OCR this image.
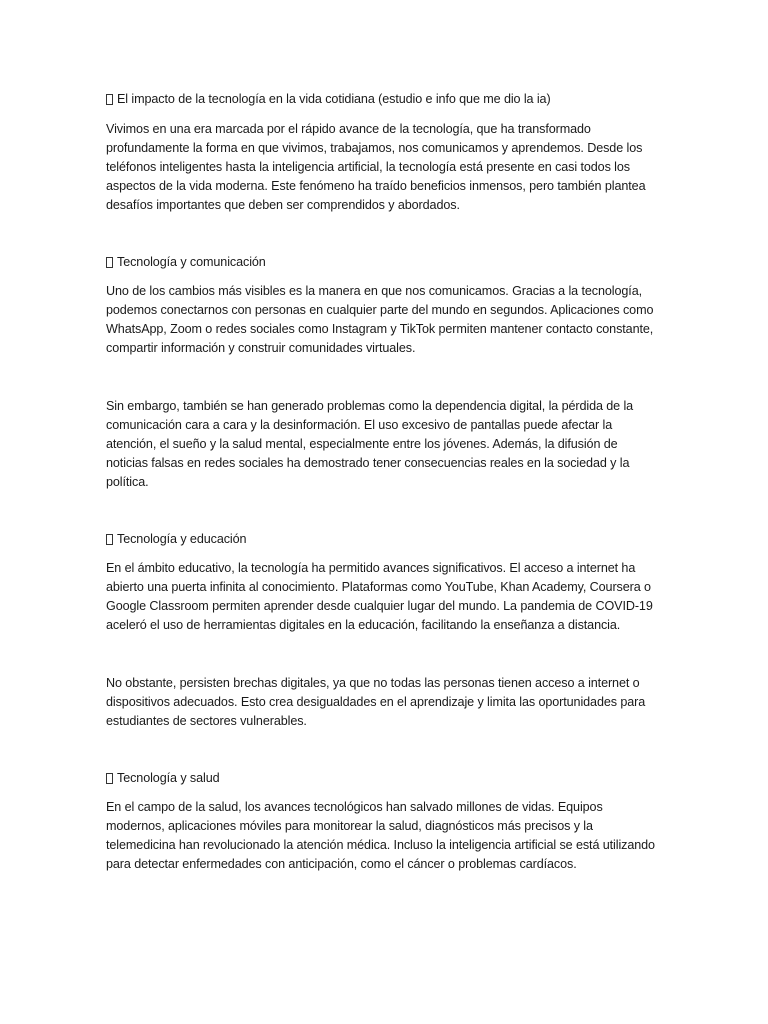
El impacto de la tecnología en la vida cotidiana (estudio e info que me dio la ia)
Vivimos en una era marcada por el rápido avance de la tecnología, que ha transformado profundamente la forma en que vivimos, trabajamos, nos comunicamos y aprendemos. Desde los teléfonos inteligentes hasta la inteligencia artificial, la tecnología está presente en casi todos los aspectos de la vida moderna. Este fenómeno ha traído beneficios inmensos, pero también plantea desafíos importantes que deben ser comprendidos y abordados.
Tecnología y comunicación
Uno de los cambios más visibles es la manera en que nos comunicamos. Gracias a la tecnología, podemos conectarnos con personas en cualquier parte del mundo en segundos. Aplicaciones como WhatsApp, Zoom o redes sociales como Instagram y TikTok permiten mantener contacto constante, compartir información y construir comunidades virtuales.
Sin embargo, también se han generado problemas como la dependencia digital, la pérdida de la comunicación cara a cara y la desinformación. El uso excesivo de pantallas puede afectar la atención, el sueño y la salud mental, especialmente entre los jóvenes. Además, la difusión de noticias falsas en redes sociales ha demostrado tener consecuencias reales en la sociedad y la política.
Tecnología y educación
En el ámbito educativo, la tecnología ha permitido avances significativos. El acceso a internet ha abierto una puerta infinita al conocimiento. Plataformas como YouTube, Khan Academy, Coursera o Google Classroom permiten aprender desde cualquier lugar del mundo. La pandemia de COVID-19 aceleró el uso de herramientas digitales en la educación, facilitando la enseñanza a distancia.
No obstante, persisten brechas digitales, ya que no todas las personas tienen acceso a internet o dispositivos adecuados. Esto crea desigualdades en el aprendizaje y limita las oportunidades para estudiantes de sectores vulnerables.
Tecnología y salud
En el campo de la salud, los avances tecnológicos han salvado millones de vidas. Equipos modernos, aplicaciones móviles para monitorear la salud, diagnósticos más precisos y la telemedicina han revolucionado la atención médica. Incluso la inteligencia artificial se está utilizando para detectar enfermedades con anticipación, como el cáncer o problemas cardíacos.
